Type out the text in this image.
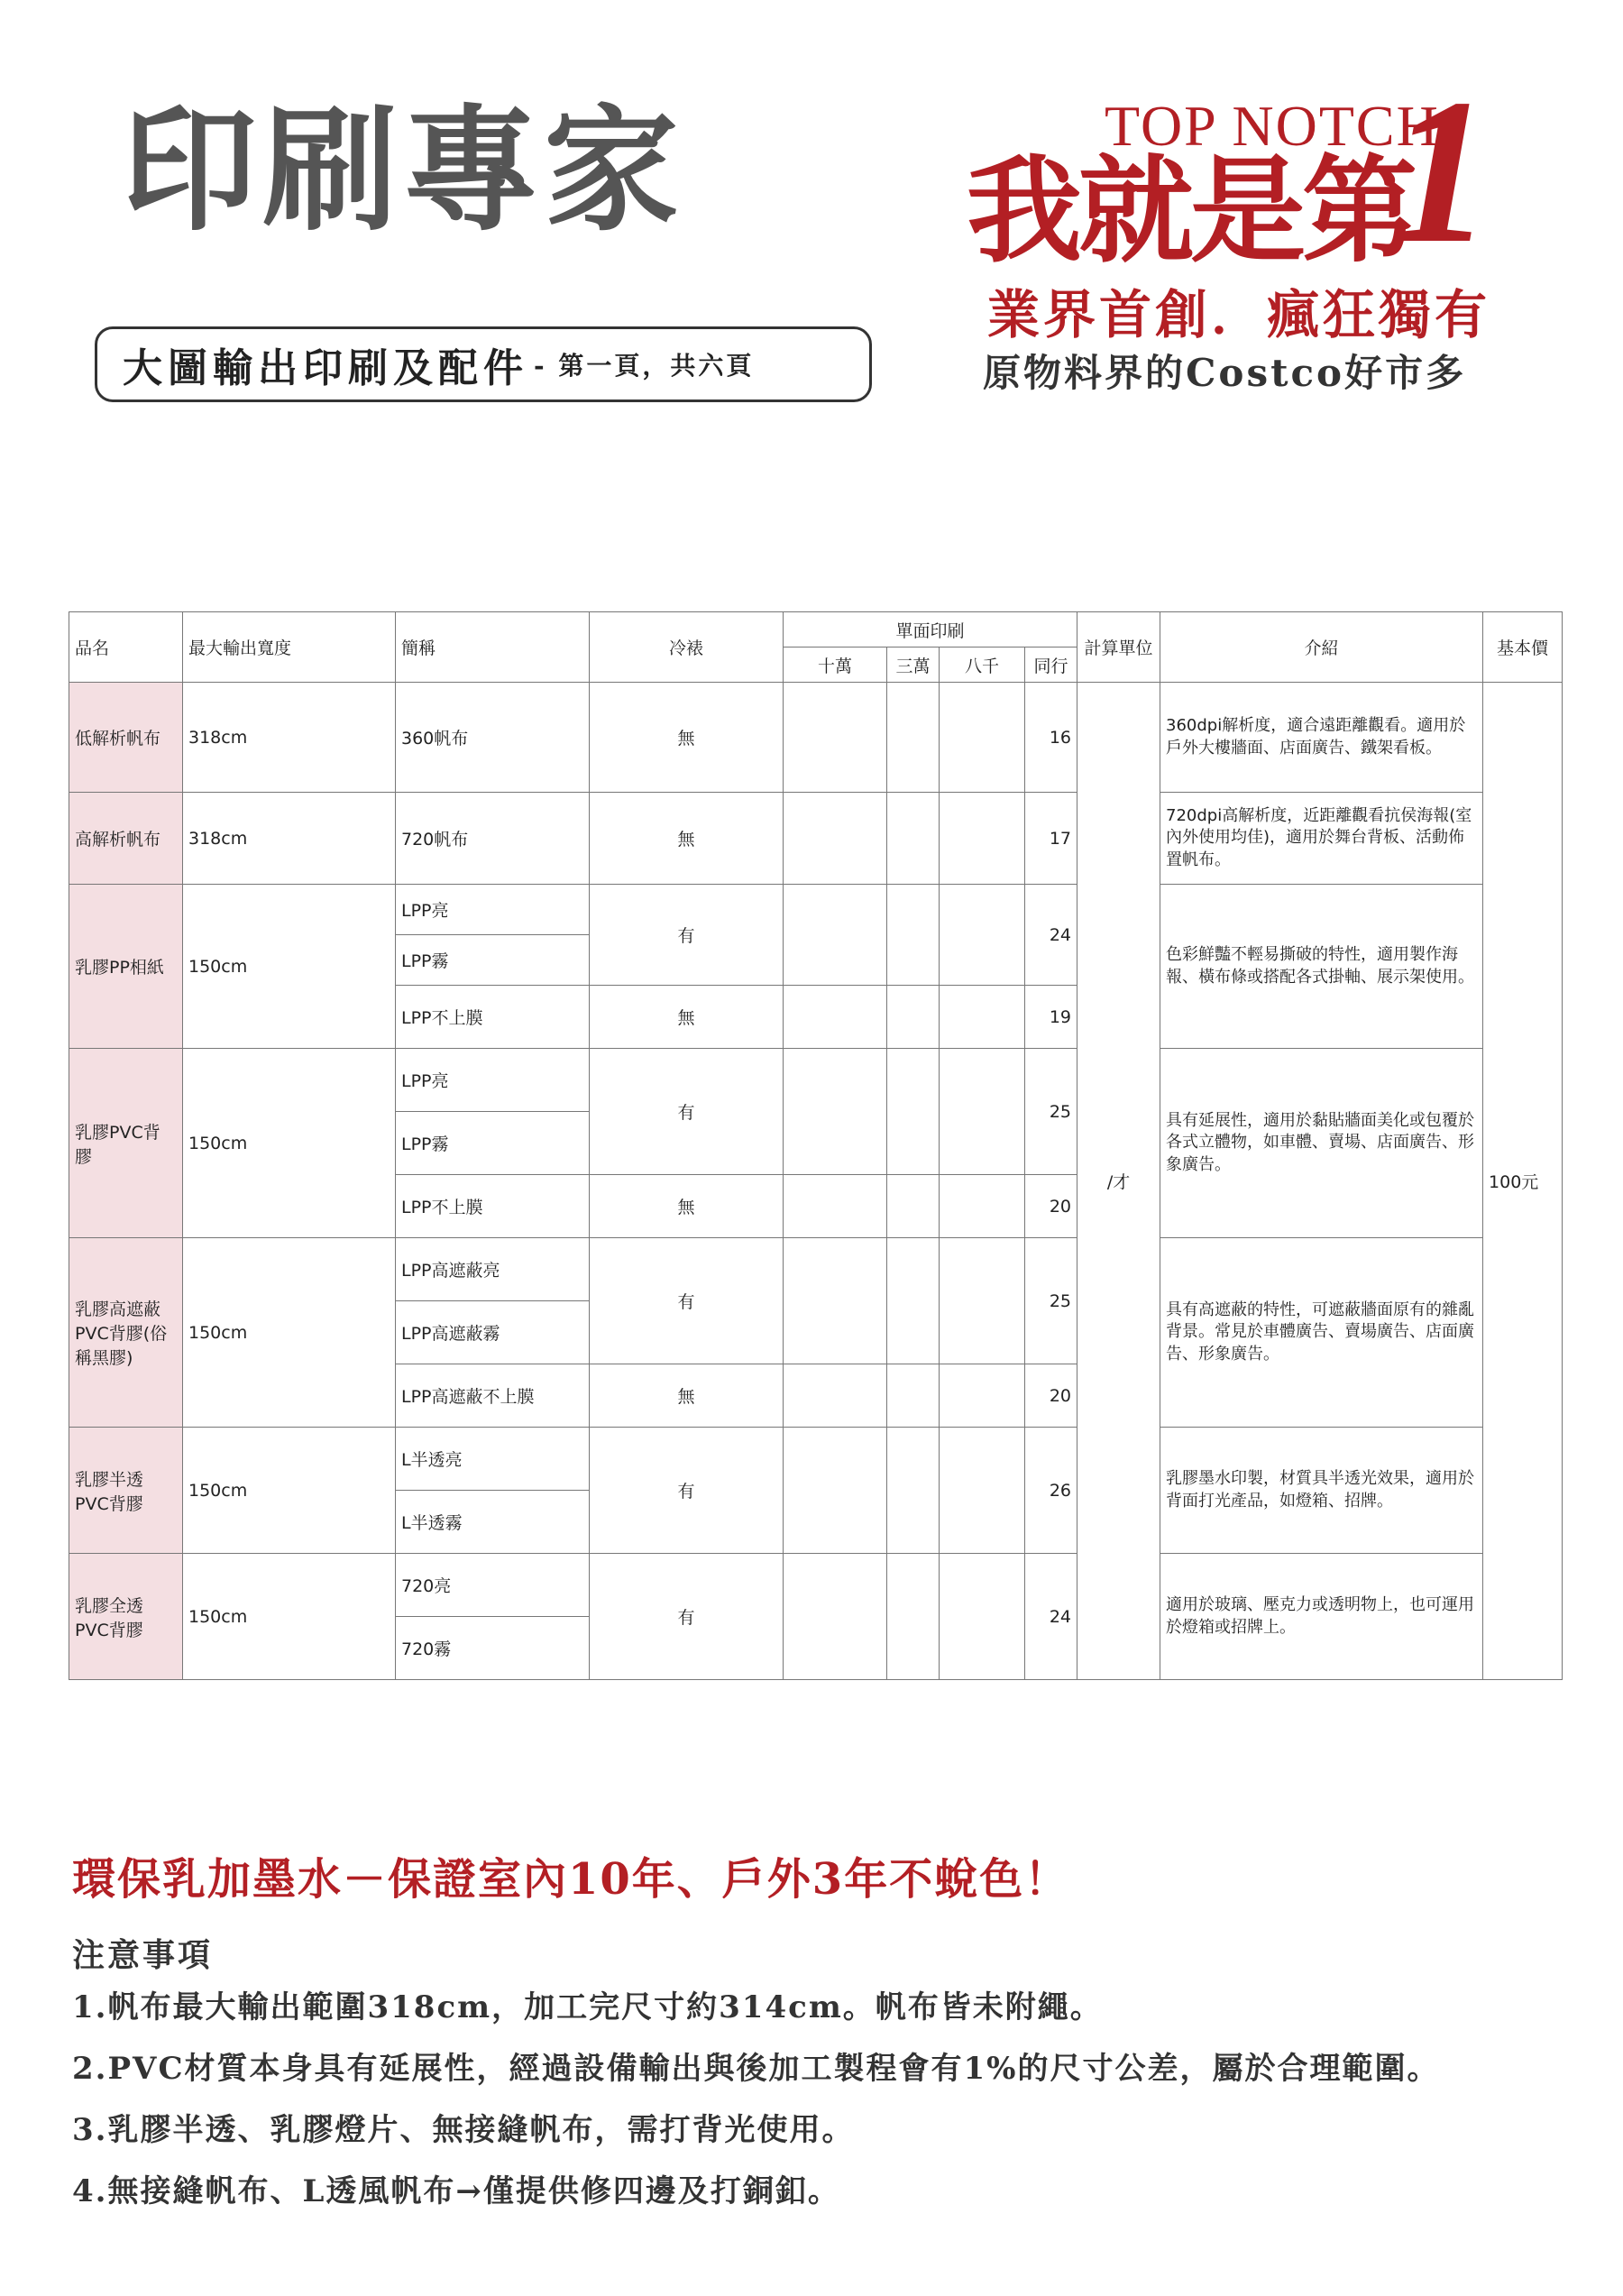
印刷專家
大圖輸出印刷及配件 - 第一頁，共六頁
TOP NOTCH
我就是第
1
業界首創．瘋狂獨有
原物料界的Costco好市多
品名	最大輸出寬度	簡稱	冷裱	單面印刷				計算單位	介紹	基本價
				十萬	三萬	八千	同行			
低解析帆布	318cm	360帆布	無				16	/才	360dpi解析度，適合遠距離觀看。適用於戶外大樓牆面、店面廣告、鐵架看板。	100元
高解析帆布	318cm	720帆布	無				17		720dpi高解析度，近距離觀看抗侯海報(室內外使用均佳)，適用於舞台背板、活動佈置帆布。	
乳膠PP相紙	150cm	LPP亮	有				24		色彩鮮豔不輕易撕破的特性，適用製作海報、橫布條或搭配各式掛軸、展示架使用。	
		LPP霧								
		LPP不上膜	無				19			
乳膠PVC背膠	150cm	LPP亮	有				25		具有延展性，適用於黏貼牆面美化或包覆於各式立體物，如車體、賣場、店面廣告、形象廣告。	
		LPP霧								
		LPP不上膜	無				20			
乳膠高遮蔽PVC背膠(俗稱黑膠)	150cm	LPP高遮蔽亮	有				25		具有高遮蔽的特性，可遮蔽牆面原有的雜亂背景。常見於車體廣告、賣場廣告、店面廣告、形象廣告。	
		LPP高遮蔽霧								
		LPP高遮蔽不上膜	無				20			
乳膠半透PVC背膠	150cm	L半透亮	有				26		乳膠墨水印製，材質具半透光效果，適用於背面打光產品，如燈箱、招牌。	
		L半透霧								
乳膠全透PVC背膠	150cm	720亮	有				24		適用於玻璃、壓克力或透明物上，也可運用於燈箱或招牌上。	
		720霧								
環保乳加墨水－保證室內10年、戶外3年不蛻色！
注意事項
1.帆布最大輸出範圍318cm，加工完尺寸約314cm。帆布皆未附繩。
2.PVC材質本身具有延展性，經過設備輸出與後加工製程會有1%的尺寸公差，屬於合理範圍。
3.乳膠半透、乳膠燈片、無接縫帆布，需打背光使用。
4.無接縫帆布、L透風帆布→僅提供修四邊及打銅釦。
